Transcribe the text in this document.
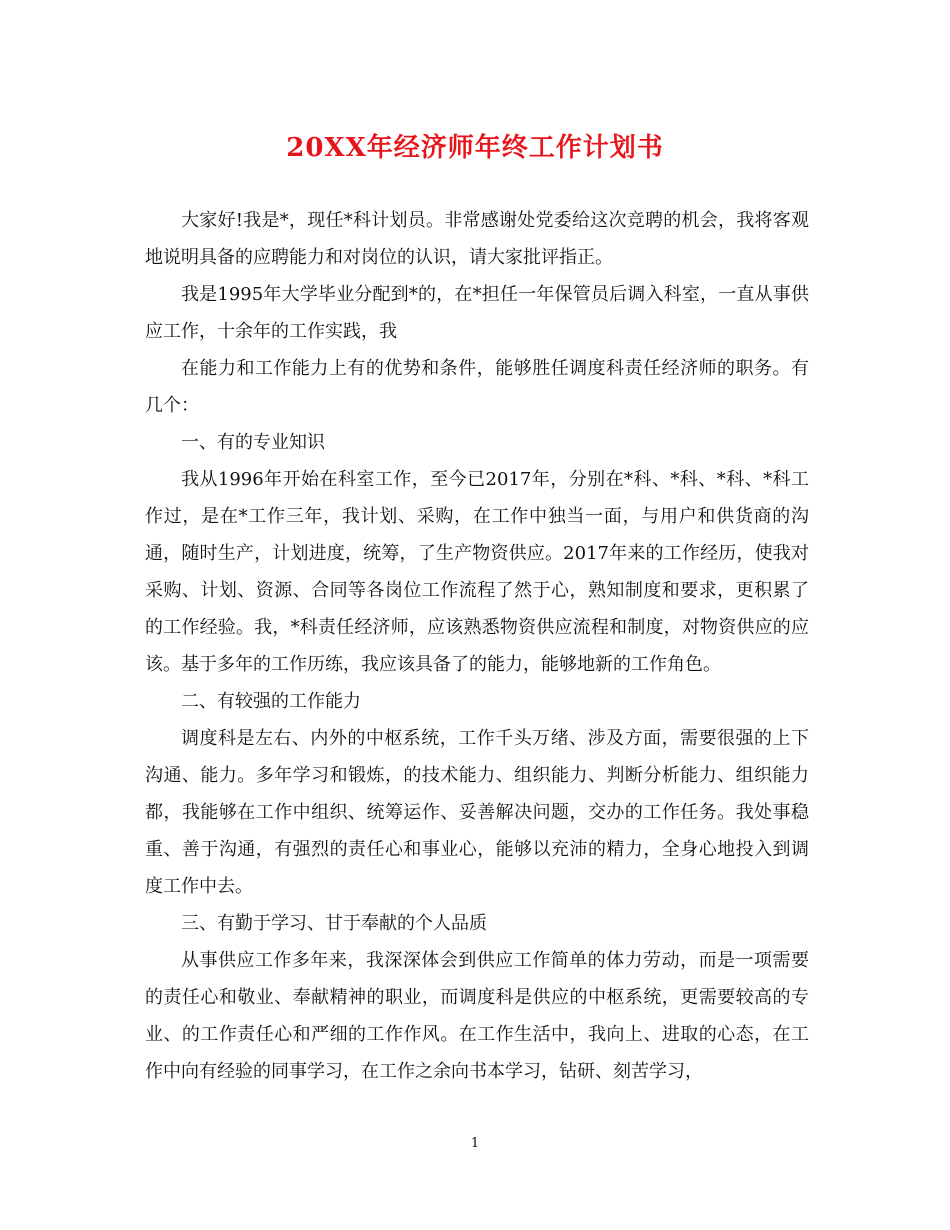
20XX年经济师年终工作计划书

大家好!我是*，现任*科计划员。非常感谢处党委给这次竞聘的机会，我将客观地说明具备的应聘能力和对岗位的认识，请大家批评指正。

我是1995年大学毕业分配到*的，在*担任一年保管员后调入科室，一直从事供应工作，十余年的工作实践，我

在能力和工作能力上有的优势和条件，能够胜任调度科责任经济师的职务。有几个：

一、有的专业知识

我从1996年开始在科室工作，至今已2017年，分别在*科、*科、*科、*科工作过，是在*工作三年，我计划、采购，在工作中独当一面，与用户和供货商的沟通，随时生产，计划进度，统筹，了生产物资供应。2017年来的工作经历，使我对采购、计划、资源、合同等各岗位工作流程了然于心，熟知制度和要求，更积累了的工作经验。我，*科责任经济师，应该熟悉物资供应流程和制度，对物资供应的应该。基于多年的工作历练，我应该具备了的能力，能够地新的工作角色。

二、有较强的工作能力

调度科是左右、内外的中枢系统，工作千头万绪、涉及方面，需要很强的上下沟通、能力。多年学习和锻炼，的技术能力、组织能力、判断分析能力、组织能力都，我能够在工作中组织、统筹运作、妥善解决问题，交办的工作任务。我处事稳重、善于沟通，有强烈的责任心和事业心，能够以充沛的精力，全身心地投入到调度工作中去。

三、有勤于学习、甘于奉献的个人品质

从事供应工作多年来，我深深体会到供应工作简单的体力劳动，而是一项需要的责任心和敬业、奉献精神的职业，而调度科是供应的中枢系统，更需要较高的专业、的工作责任心和严细的工作作风。在工作生活中，我向上、进取的心态，在工作中向有经验的同事学习，在工作之余向书本学习，钻研、刻苦学习，

1
